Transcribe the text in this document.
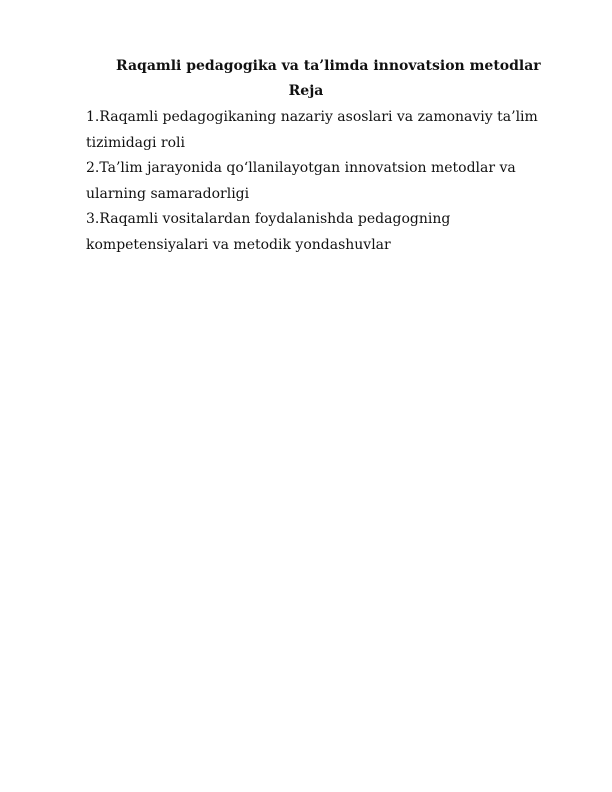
Raqamli pedagogika va ta’limda innovatsion metodlar
Reja
1.Raqamli pedagogikaning nazariy asoslari va zamonaviy ta’lim
tizimidagi roli
2.Ta’lim jarayonida qo‘llanilayotgan innovatsion metodlar va
ularning samaradorligi
3.Raqamli vositalardan foydalanishda pedagogning
kompetensiyalari va metodik yondashuvlar
